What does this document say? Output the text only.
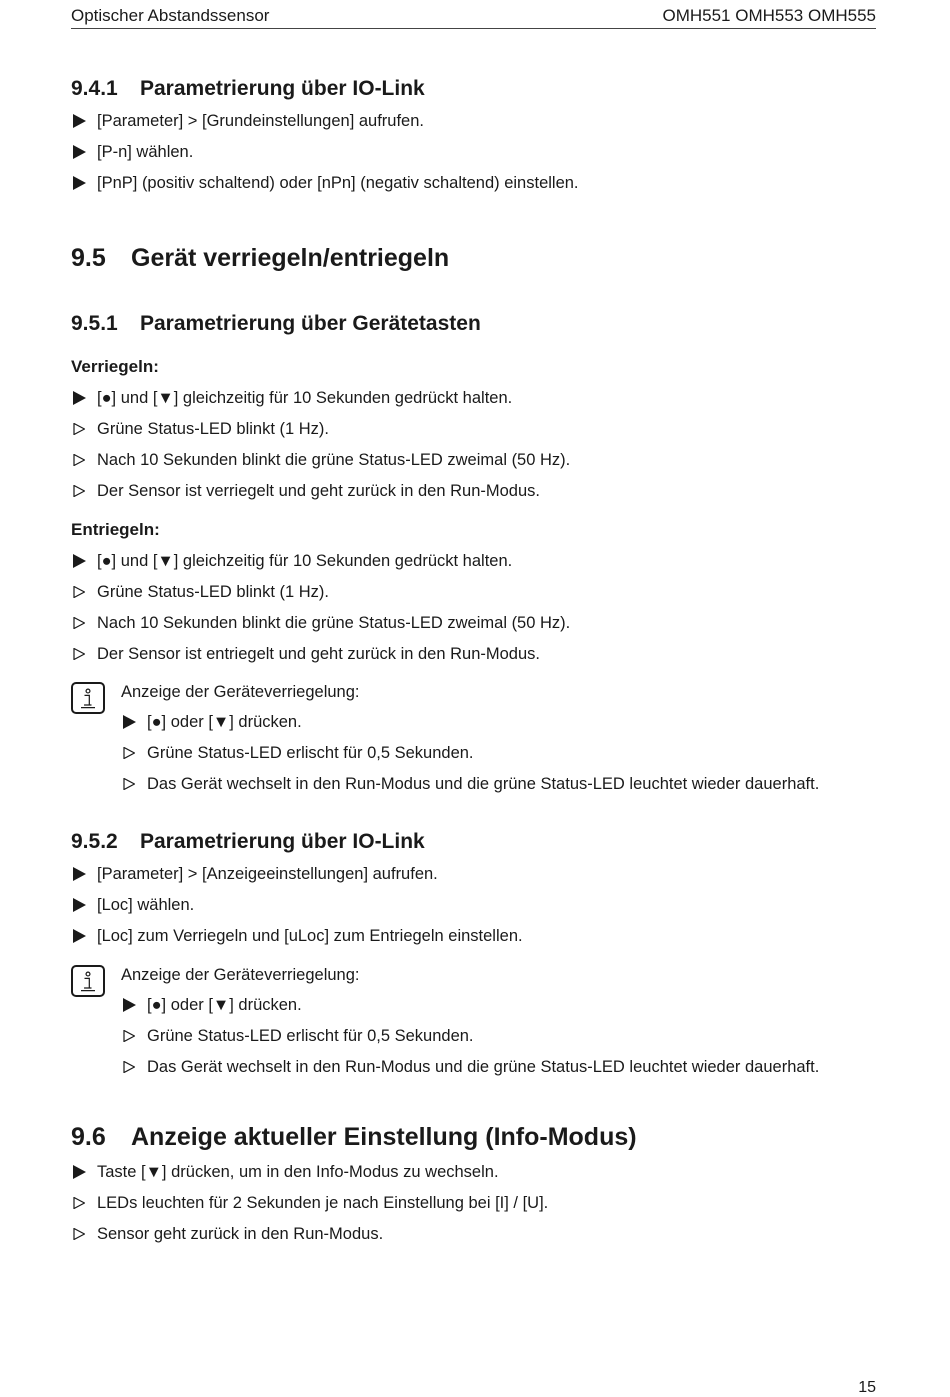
Optischer Abstandssensor	OMH551 OMH553 OMH555
9.4.1 Parametrierung über IO-Link
[Parameter] > [Grundeinstellungen] aufrufen.
[P-n] wählen.
[PnP] (positiv schaltend) oder [nPn] (negativ schaltend) einstellen.
9.5 Gerät verriegeln/entriegeln
9.5.1 Parametrierung über Gerätetasten
Verriegeln:
[●] und [▼] gleichzeitig für 10 Sekunden gedrückt halten.
Grüne Status-LED blinkt (1 Hz).
Nach 10 Sekunden blinkt die grüne Status-LED zweimal (50 Hz).
Der Sensor ist verriegelt und geht zurück in den Run-Modus.
Entriegeln:
[●] und [▼] gleichzeitig für 10 Sekunden gedrückt halten.
Grüne Status-LED blinkt (1 Hz).
Nach 10 Sekunden blinkt die grüne Status-LED zweimal (50 Hz).
Der Sensor ist entriegelt und geht zurück in den Run-Modus.
Anzeige der Geräteverriegelung:
[●] oder [▼] drücken.
Grüne Status-LED erlischt für 0,5 Sekunden.
Das Gerät wechselt in den Run-Modus und die grüne Status-LED leuchtet wieder dauerhaft.
9.5.2 Parametrierung über IO-Link
[Parameter] > [Anzeigeeinstellungen] aufrufen.
[Loc] wählen.
[Loc] zum Verriegeln und [uLoc] zum Entriegeln einstellen.
Anzeige der Geräteverriegelung:
[●] oder [▼] drücken.
Grüne Status-LED erlischt für 0,5 Sekunden.
Das Gerät wechselt in den Run-Modus und die grüne Status-LED leuchtet wieder dauerhaft.
9.6 Anzeige aktueller Einstellung (Info-Modus)
Taste [▼] drücken, um in den Info-Modus zu wechseln.
LEDs leuchten für 2 Sekunden je nach Einstellung bei [I] / [U].
Sensor geht zurück in den Run-Modus.
15
